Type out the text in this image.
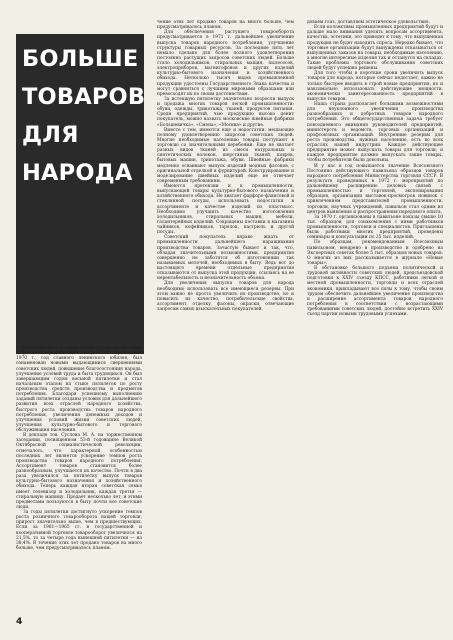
БОЛЬШЕ
ТОВАРОВ
ДЛЯ
НАРОДА

Наступил 1971 г. Наша страна готовится достойно встретить очередной XXIV съезд КПСС. Прошедший 1970 г., год славного ленинского юбилея, был ознаменован новыми выдающимися свершениями советских людей, повышение благосостояния народа, улучшение условий труда и быта трудящихся. Он был завершающим годом восьмой пятилетки и стал начальным этапом на стыке пятилеток по росту производства средств производства и предметов потребления. Благодаря успешному выполнению заданий пятилетки созданы условия для дальнейшего развития всех отраслей народного хозяйства, быстрого роста производства товаров народного потребления, увеличения денежных доходов и улучшения условий жизни советских людей, улучшения культурно-бытового и торгового обслуживания населения.

В докладе тов. Суслова М. А. на торжественном заседании, посвященном 53-й годовщине Великой Октябрьской социалистической революции, отмечалось, что характерной особенностью последних лет является ускорение темпов роста производства товаров народного потребления. Ассортимент товаров становится более разнообразным, улучшается их качество. Почти в два раза увеличился за пятилетку выпуск товаров культурно-бытового назначения и хозяйственного обихода. Теперь каждая вторая советская семья имеет телевизор и холодильник, каждая третья — стиральную машину. Продает несколько лет, и этими предметами пользуются в быту почти все советские люди.

За годы пятилетки достигнуто ускорение темпов роста розничного товарооборота нашей торговли, прирост значительно выше, чем в предшествующих. Если за 1961—1965 гг. в государственной и кооперативной торговле товарооборот увеличился на 21,5%, то за четыре года нынешней пятилетки — на 38,4%. В течение этих лет продано товаров на много больше, чем предусматривалось планом.

чение этих лет продано товаров на много больше, чем предусматривалось планом.

Для обеспечения растущего товарооборота предусматривается в 1971 г. дальнейшее увеличение выпуска товаров народного потребления, улучшение структуры товарных ресурсов. За последние пять лет немало сделано для более полного удовлетворения постоянно растущих запросов советских людей. Больше стало холодильников, стиральных машин, пылесосов, электроприборов, магнитофонов и других изделий культурно-бытового назначения и хозяйственного обихода. Несколько тысяч видов промышленной продукции удостоены Государственного Знака качества и могут сравниться с лучшими мировыми образцами или превосходят их по своим достоинствам.

За истекшую пятилетку значительно возросли выпуск и продажа многих товаров легкой промышленности: обуви, одежды, трикотажа, тканей, продуктов питания. Среди предприятий, чью продукцию высоко ценит покупатель, можно назвать московские швейные фабрики «Большевичка», «Смена», «Москва» и другие.

Вместе с тем, имеются еще и недостатки, мешающие полному удовлетворению запросов советских людей. Многие необходимые населению товары поступают в торговлю со значительными перебоями. Еще не хватает разных видов тканей из смеси натуральных и синтетических волокон, шерстяных тканей, ковров, бытовых машин, трикотажа, обуви. Швейные фабрики медленно осваивают выпуск изделий модных фасонов, с оригинальной отделкой и фурнитурой. Конструирование и моделирование швейных изделий еще не отвечает современным требованиям.

Имеются претензии и к промышленности, выпускающей товары культурно-бытового назначения и хозяйственного обихода. Не хватает фарфоро-фаянсовой и стеклянной посуды, использовать недостатки в ассортименте и качестве изделий из пластмасс. Необходимо улучшить качество изготовления холодильников, стиральных машин, мебели, галантерейных изделий. Сокращены поставки в магазины чайников, кофейников, тарелок, кастрюль и другой посуды.

Советский покупатель вправе ждать от промышленности дальнейшего наращивания производства товаров. Зачастую бывает и так, что, обладая значительными возможностями, предприятия совершенно не заботятся об изготовлении так называемых мелочей, необходимых в быту. Ведь вот до настоящего времени отдельные предприятия отказываются от выпуска этой продукции, ссылаясь на ее нерентабельность и незначительность объема.

Для увеличения выпуска товаров для народа необходимо использовать все имеющиеся резервы. При этом важно не просто увеличить их производство, но и повысить их качество, потребительские свойства, ассортимент, отделку, фасоны, окраски, отвечающие запросам самых взыскательных покупателей.

доваем глаз, доставляем эстетическое удовольствие.

Если коллективы промышленных предприятий будут и дальше мало внимания уделять вопросам ассортимента, качества, эстетики, это приведет к тому, что выпущенная продукция не будет находить спроса. Нередко бывает, что торговые организации будут вынуждены отказываться от выпущенных заказов на товары, необходимые населению, а многие интересные изделия так и останутся на складах. Такие проблемы торгового обслуживания советских людей будут успешно решены.

Для того чтобы в короткие сроки увеличить выпуск товаров для народа, которые сейчас недостает, важно не только быстрее вводить в строй новые предприятия, но и максимально использовать действующие мощности, экономически заинтересованность предприятий в выпуске товаров.

Наша страна располагает большими возможностями для неуклонного увеличения производства разнообразных и добротных товаров народного потребления. Это общегосударственная задача требует повседневного внимания руководителей предприятий, министерств и ведомств, торговых организаций и профсоюзных организаций. Внутренние резервы для роста производства, нужных населению, есть во всех отраслях нашей индустрии. Каждое действующее предприятие может выпускать товары для торговли, и каждое предприятие должно выпускать такие товары, чтобы потребители были довольны.

И у нас в год повышается значение Всесоюзного Постоянно действующего павильона образцов товаров народного потребления Министерства торговли СССР. В результате проведенных в 1972 г. мероприятий по дальнейшему расширению деловых связей с промышленностью и торговлей, экспонирования образцов, организации выставок-просмотров новинок с привлечением представителей промышленности, торговли, научных учреждений, павильон стал одним из центров выявления и распространения передового опыта.

За 1970 г. организованы в павильоне показы свыше 10 тыс. образцов, для ознакомления с ними работников промышленности, торговли и специалистов. Приглашены были работники многих предприятий, проведены семинары и консультации по 25 тыс. изделий.

По образцам, рекомендованным Всесоюзным павильоном, внедрено в производство и одобрено на Экспертных советах более 5 тыс. образцов новых товаров. О многих из них рассказывается в журнале «Новые товары».

В обстановке большого подъема политической и трудовой активности советских людей, предсъездовской подготовки к XXIV съезду КПСС, работники легкой и местной промышленности, торговли и всех отраслей экономики, прикладывают все силы к тому, чтобы своим трудом обеспечить дальнейшее увеличение производства и расширение ассортимента товаров народного потребления в соответствии с возрастающими требованиями советских людей, достойно встретить XXIV съезд партии новыми трудовыми успехами.

4
